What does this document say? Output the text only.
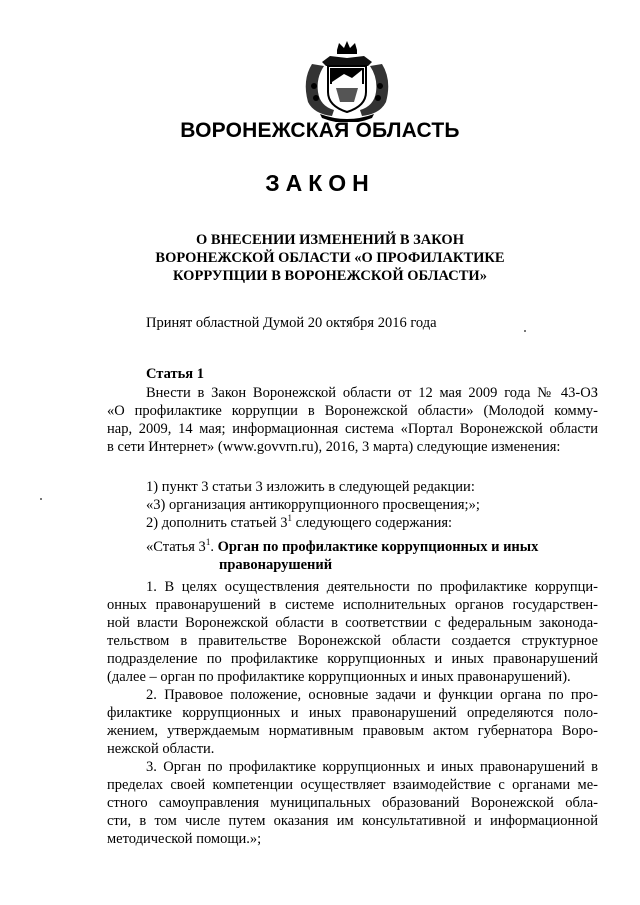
ВОРОНЕЖСКАЯ ОБЛАСТЬ
ЗАКОН
О ВНЕСЕНИИ ИЗМЕНЕНИЙ В ЗАКОН
ВОРОНЕЖСКОЙ ОБЛАСТИ «О ПРОФИЛАКТИКЕ
КОРРУПЦИИ В ВОРОНЕЖСКОЙ ОБЛАСТИ»
Принят областной Думой 20 октября 2016 года
Статья 1
Внести в Закон Воронежской области от 12 мая 2009 года № 43-ОЗ
«О профилактике коррупции в Воронежской области» (Молодой комму-
нар, 2009, 14 мая; информационная система «Портал Воронежской области
в сети Интернет» (www.govvrn.ru), 2016, 3 марта) следующие изменения:
1) пункт 3 статьи 3 изложить в следующей редакции:
«3) организация антикоррупционного просвещения;»;
2) дополнить статьей $3^1$ следующего содержания:
«Статья $3^1$. Орган по профилактике коррупционных и иных
правонарушений
1. В целях осуществления деятельности по профилактике коррупци-
онных правонарушений в системе исполнительных органов государствен-
ной власти Воронежской области в соответствии с федеральным законода-
тельством в правительстве Воронежской области создается структурное
подразделение по профилактике коррупционных и иных правонарушений
(далее – орган по профилактике коррупционных и иных правонарушений).
2. Правовое положение, основные задачи и функции органа по про-
филактике коррупционных и иных правонарушений определяются поло-
жением, утверждаемым нормативным правовым актом губернатора Воро-
нежской области.
3. Орган по профилактике коррупционных и иных правонарушений в
пределах своей компетенции осуществляет взаимодействие с органами ме-
стного самоуправления муниципальных образований Воронежской обла-
сти, в том числе путем оказания им консультативной и информационной
методической помощи.»;
